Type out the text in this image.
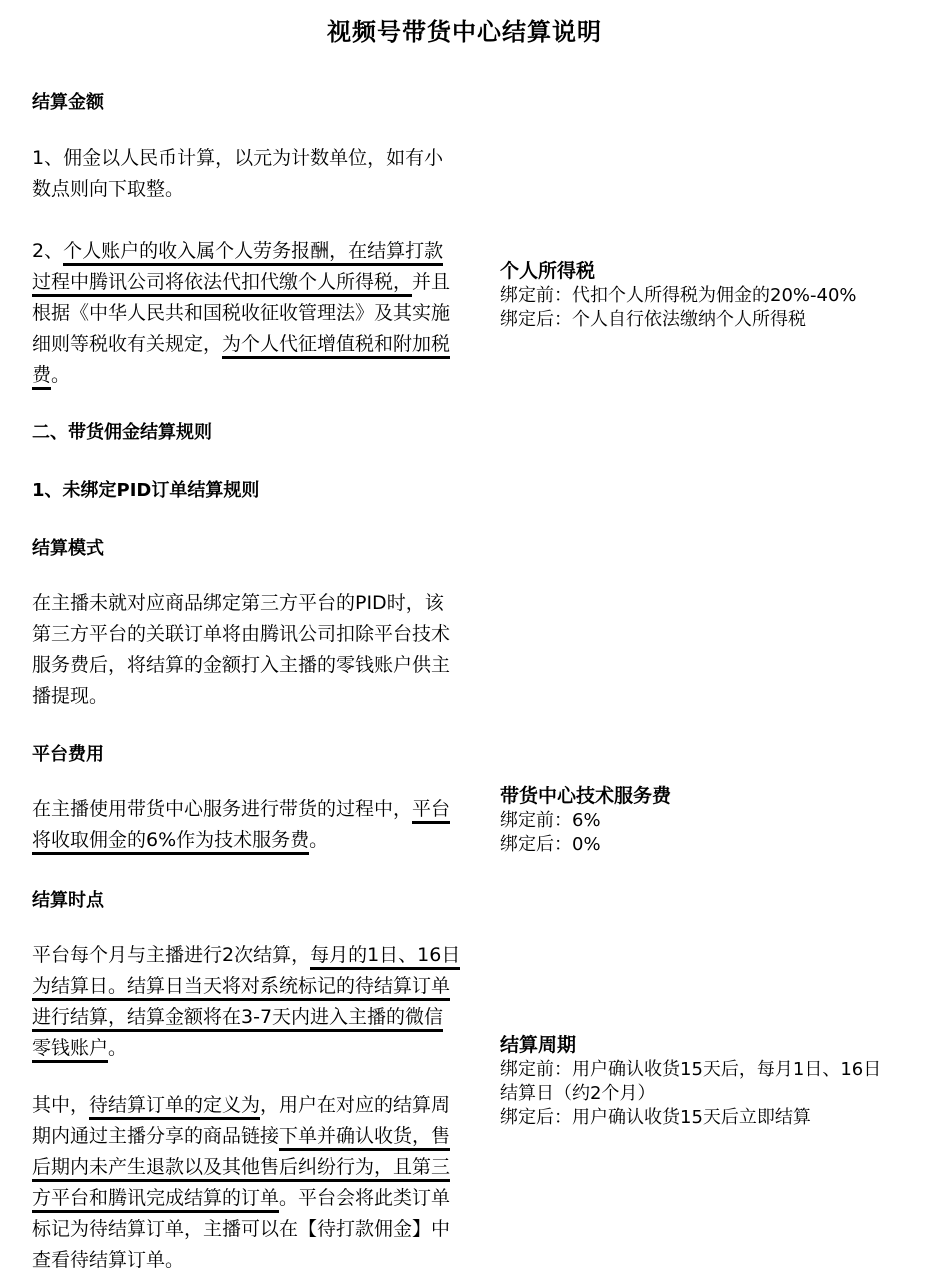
视频号带货中心结算说明
结算金额
1、佣金以人民币计算，以元为计数单位，如有小数点则向下取整。
2、个人账户的收入属个人劳务报酬，在结算打款过程中腾讯公司将依法代扣代缴个人所得税，并且根据《中华人民共和国税收征收管理法》及其实施细则等税收有关规定，为个人代征增值税和附加税费。
二、带货佣金结算规则
1、未绑定PID订单结算规则
结算模式
在主播未就对应商品绑定第三方平台的PID时，该第三方平台的关联订单将由腾讯公司扣除平台技术服务费后，将结算的金额打入主播的零钱账户供主播提现。
平台费用
在主播使用带货中心服务进行带货的过程中，平台将收取佣金的6%作为技术服务费。
结算时点
平台每个月与主播进行2次结算，每月的1日、16日为结算日。结算日当天将对系统标记的待结算订单进行结算，结算金额将在3-7天内进入主播的微信零钱账户。
其中，待结算订单的定义为，用户在对应的结算周期内通过主播分享的商品链接下单并确认收货，售后期内未产生退款以及其他售后纠纷行为，且第三方平台和腾讯完成结算的订单。平台会将此类订单标记为待结算订单，主播可以在【待打款佣金】中查看待结算订单。
个人所得税
绑定前：代扣个人所得税为佣金的20%-40%
绑定后：个人自行依法缴纳个人所得税
带货中心技术服务费
绑定前：6%
绑定后：0%
结算周期
绑定前：用户确认收货15天后，每月1日、16日结算日（约2个月）
绑定后：用户确认收货15天后立即结算
